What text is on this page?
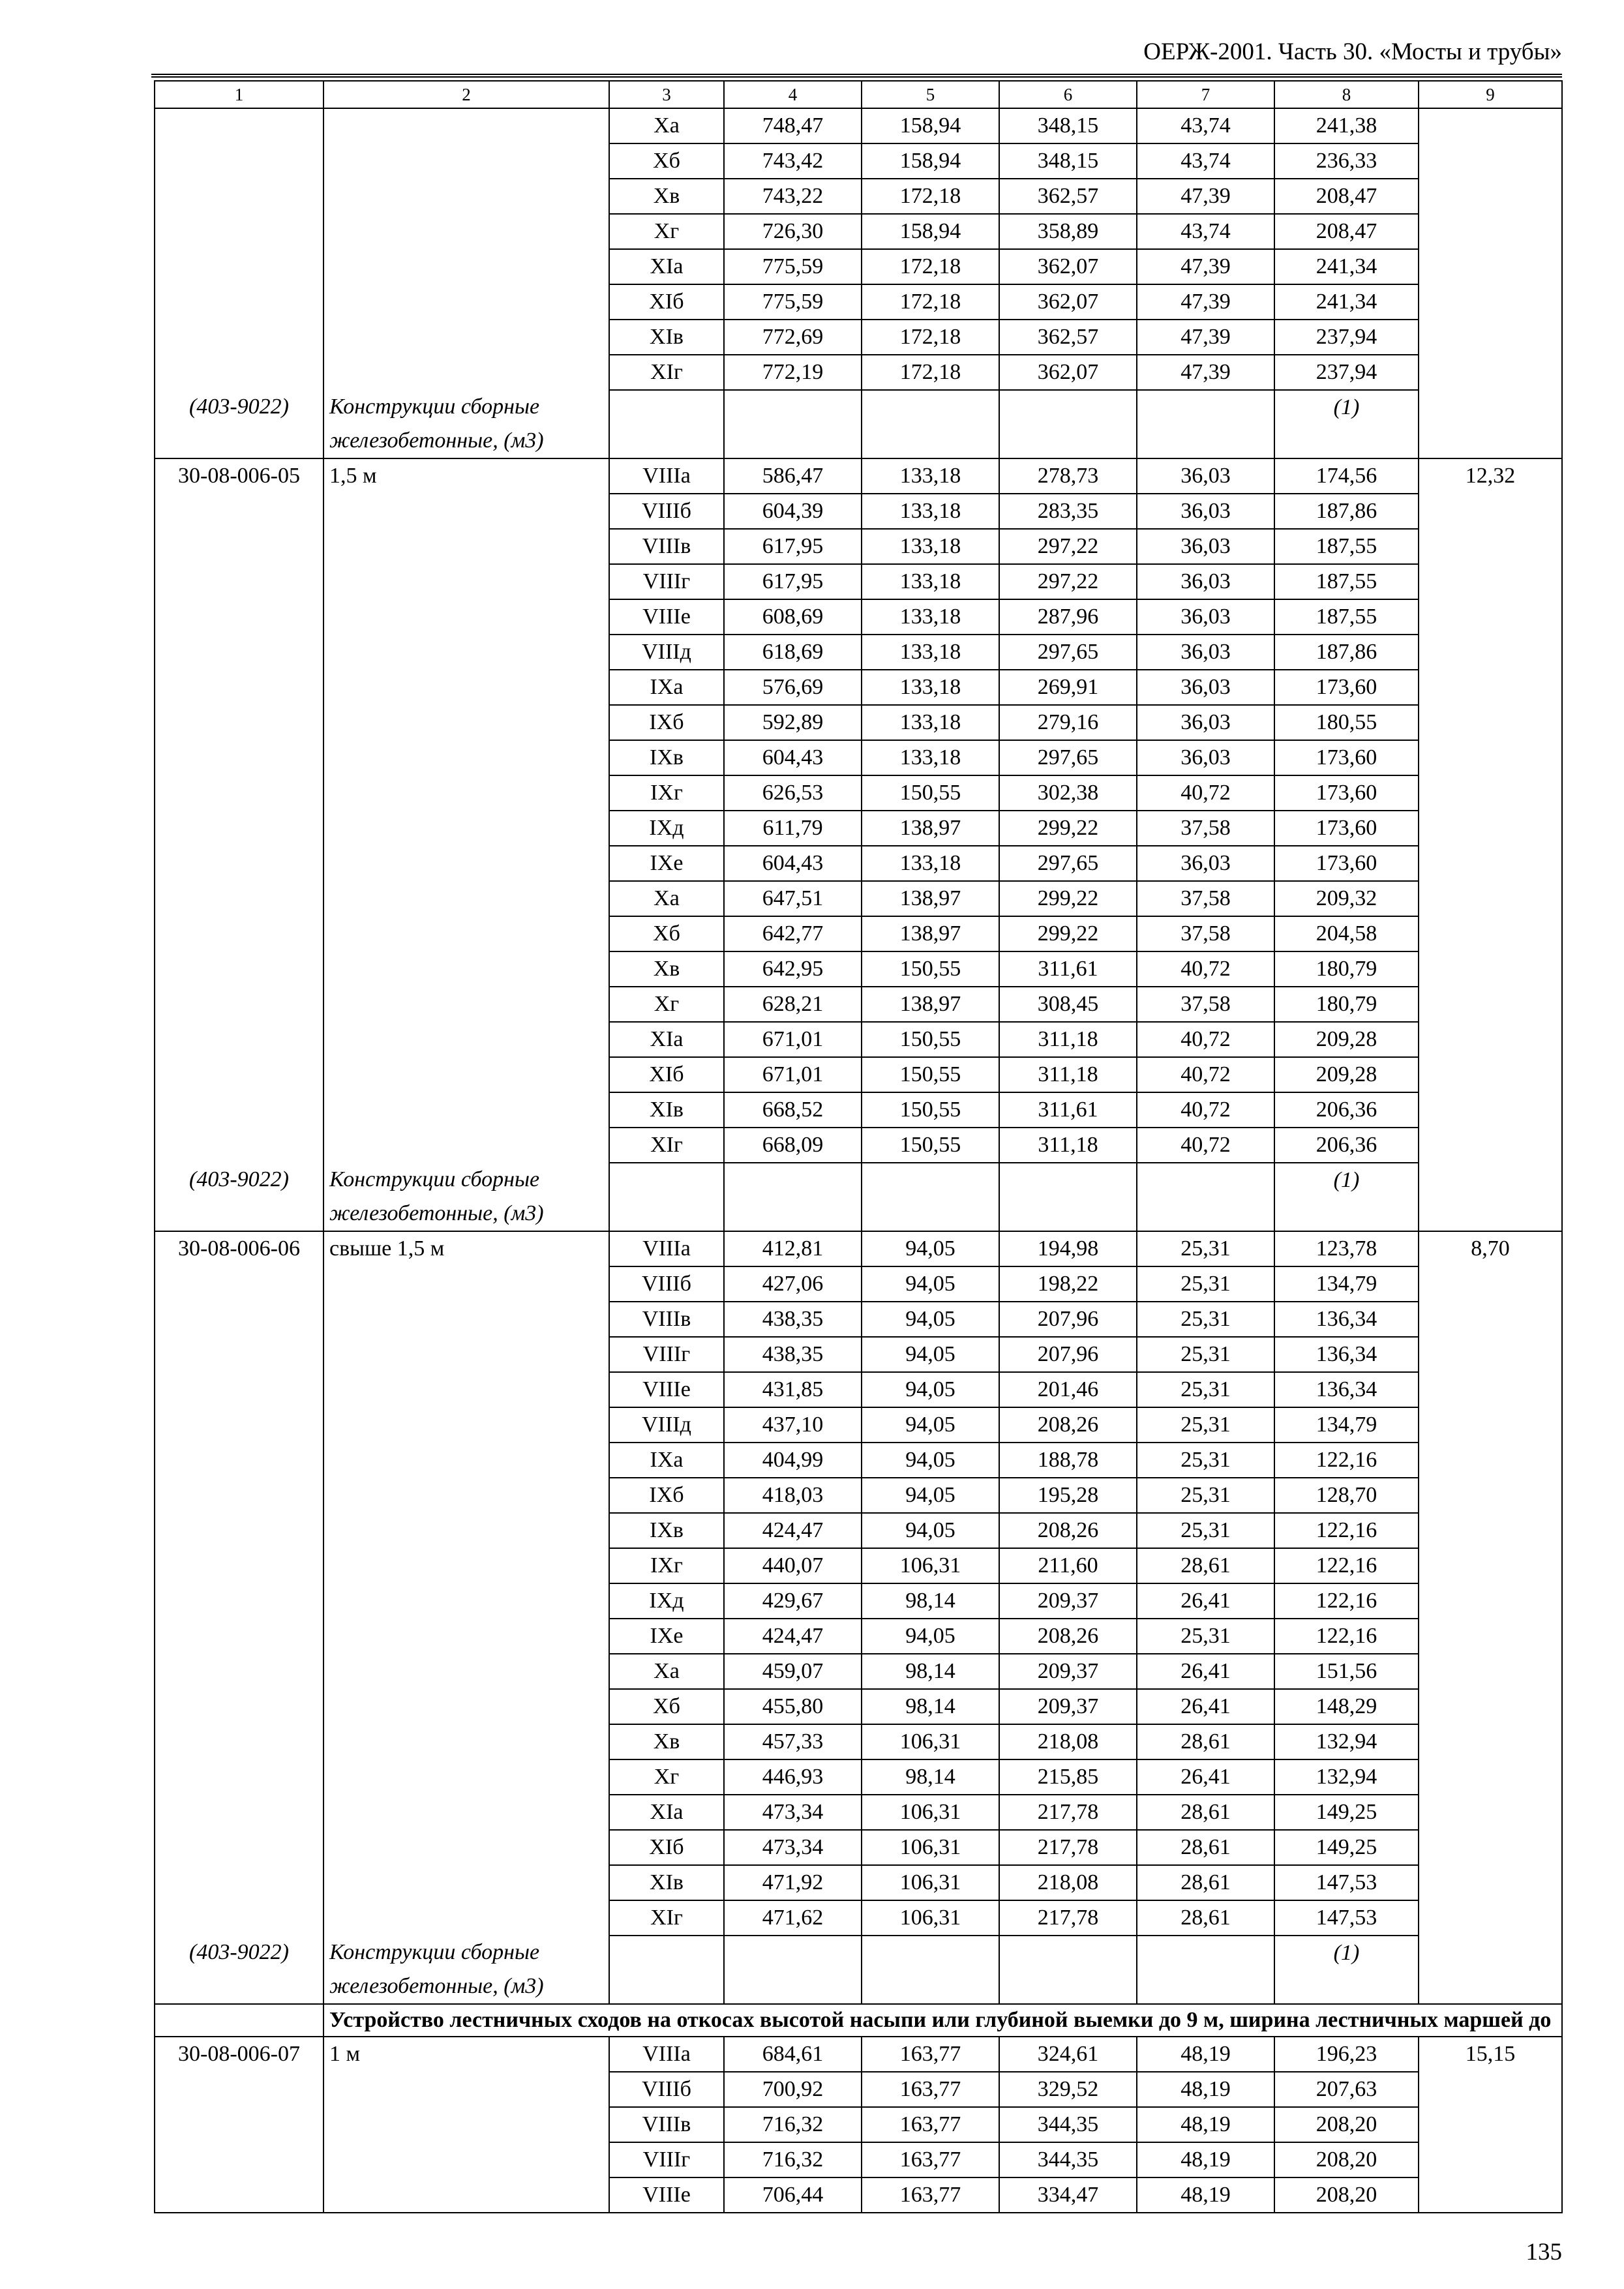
ОЕРЖ-2001. Часть 30. «Мосты и трубы»
1	2	3	4	5	6	7	8	9
		Xа	748,47	158,94	348,15	43,74	241,38	
		Xб	743,42	158,94	348,15	43,74	236,33	
		Xв	743,22	172,18	362,57	47,39	208,47	
		Xг	726,30	158,94	358,89	43,74	208,47	
		XIа	775,59	172,18	362,07	47,39	241,34	
		XIб	775,59	172,18	362,07	47,39	241,34	
		XIв	772,69	172,18	362,57	47,39	237,94	
		XIг	772,19	172,18	362,07	47,39	237,94	
(403-9022)	Конструкции сборные железобетонные, (м3)						(1)	
30-08-006-05	1,5 м	VIIIа	586,47	133,18	278,73	36,03	174,56	12,32
		VIIIб	604,39	133,18	283,35	36,03	187,86	
		VIIIв	617,95	133,18	297,22	36,03	187,55	
		VIIIг	617,95	133,18	297,22	36,03	187,55	
		VIIIе	608,69	133,18	287,96	36,03	187,55	
		VIIIд	618,69	133,18	297,65	36,03	187,86	
		IXа	576,69	133,18	269,91	36,03	173,60	
		IXб	592,89	133,18	279,16	36,03	180,55	
		IXв	604,43	133,18	297,65	36,03	173,60	
		IXг	626,53	150,55	302,38	40,72	173,60	
		IXд	611,79	138,97	299,22	37,58	173,60	
		IXе	604,43	133,18	297,65	36,03	173,60	
		Xа	647,51	138,97	299,22	37,58	209,32	
		Xб	642,77	138,97	299,22	37,58	204,58	
		Xв	642,95	150,55	311,61	40,72	180,79	
		Xг	628,21	138,97	308,45	37,58	180,79	
		XIа	671,01	150,55	311,18	40,72	209,28	
		XIб	671,01	150,55	311,18	40,72	209,28	
		XIв	668,52	150,55	311,61	40,72	206,36	
		XIг	668,09	150,55	311,18	40,72	206,36	
(403-9022)	Конструкции сборные железобетонные, (м3)						(1)	
30-08-006-06	свыше 1,5 м	VIIIа	412,81	94,05	194,98	25,31	123,78	8,70
		VIIIб	427,06	94,05	198,22	25,31	134,79	
		VIIIв	438,35	94,05	207,96	25,31	136,34	
		VIIIг	438,35	94,05	207,96	25,31	136,34	
		VIIIе	431,85	94,05	201,46	25,31	136,34	
		VIIIд	437,10	94,05	208,26	25,31	134,79	
		IXа	404,99	94,05	188,78	25,31	122,16	
		IXб	418,03	94,05	195,28	25,31	128,70	
		IXв	424,47	94,05	208,26	25,31	122,16	
		IXг	440,07	106,31	211,60	28,61	122,16	
		IXд	429,67	98,14	209,37	26,41	122,16	
		IXе	424,47	94,05	208,26	25,31	122,16	
		Xа	459,07	98,14	209,37	26,41	151,56	
		Xб	455,80	98,14	209,37	26,41	148,29	
		Xв	457,33	106,31	218,08	28,61	132,94	
		Xг	446,93	98,14	215,85	26,41	132,94	
		XIа	473,34	106,31	217,78	28,61	149,25	
		XIб	473,34	106,31	217,78	28,61	149,25	
		XIв	471,92	106,31	218,08	28,61	147,53	
		XIг	471,62	106,31	217,78	28,61	147,53	
(403-9022)	Конструкции сборные железобетонные, (м3)						(1)	
	Устройство лестничных сходов на откосах высотой насыпи или глубиной выемки до 9 м, ширина лестничных маршей до							
30-08-006-07	1 м	VIIIа	684,61	163,77	324,61	48,19	196,23	15,15
		VIIIб	700,92	163,77	329,52	48,19	207,63	
		VIIIв	716,32	163,77	344,35	48,19	208,20	
		VIIIг	716,32	163,77	344,35	48,19	208,20	
		VIIIе	706,44	163,77	334,47	48,19	208,20	
135
